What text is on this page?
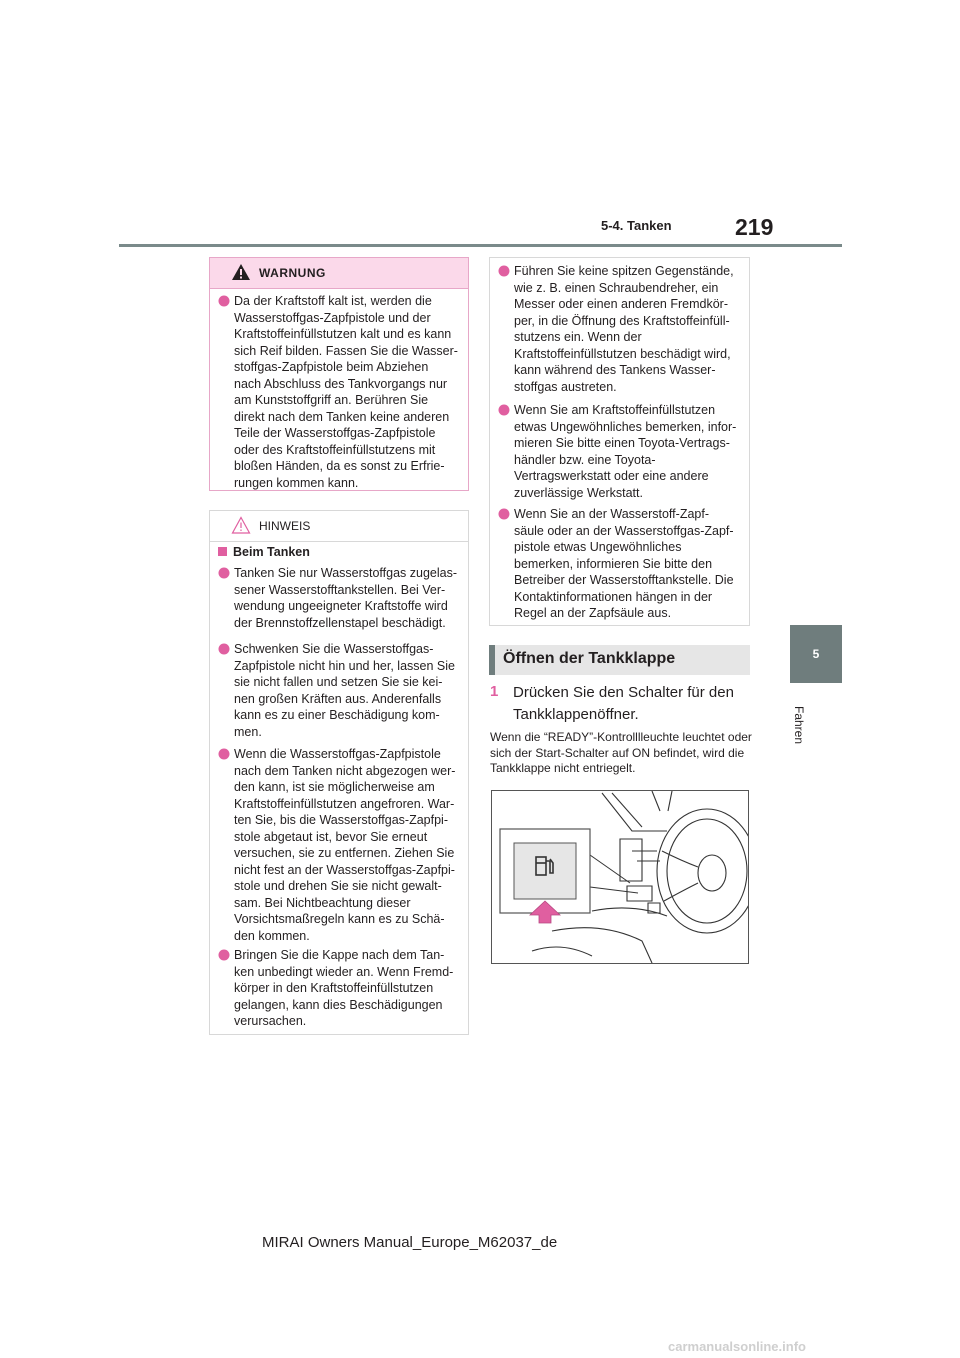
5-4. Tanken	219
5
Fahren
WARNUNG
Da der Kraftstoff kalt ist, werden die
Wasserstoffgas-Zapfpistole und der
Kraftstoffeinfüllstutzen kalt und es kann
sich Reif bilden. Fassen Sie die Wasser-
stoffgas-Zapfpistole beim Abziehen
nach Abschluss des Tankvorgangs nur
am Kunststoffgriff an. Berühren Sie
direkt nach dem Tanken keine anderen
Teile der Wasserstoffgas-Zapfpistole
oder des Kraftstoffeinfüllstutzens mit
bloßen Händen, da es sonst zu Erfrie-
rungen kommen kann.
HINWEIS
Beim Tanken
Tanken Sie nur Wasserstoffgas zugelas-
sener Wasserstofftankstellen. Bei Ver-
wendung ungeeigneter Kraftstoffe wird
der Brennstoffzellenstapel beschädigt.
Schwenken Sie die Wasserstoffgas-
Zapfpistole nicht hin und her, lassen Sie
sie nicht fallen und setzen Sie sie kei-
nen großen Kräften aus. Anderenfalls
kann es zu einer Beschädigung kom-
men.
Wenn die Wasserstoffgas-Zapfpistole
nach dem Tanken nicht abgezogen wer-
den kann, ist sie möglicherweise am
Kraftstoffeinfüllstutzen angefroren. War-
ten Sie, bis die Wasserstoffgas-Zapfpi-
stole abgetaut ist, bevor Sie erneut
versuchen, sie zu entfernen. Ziehen Sie
nicht fest an der Wasserstoffgas-Zapfpi-
stole und drehen Sie sie nicht gewalt-
sam. Bei Nichtbeachtung dieser
Vorsichtsmaßregeln kann es zu Schä-
den kommen.
Bringen Sie die Kappe nach dem Tan-
ken unbedingt wieder an. Wenn Fremd-
körper in den Kraftstoffeinfüllstutzen
gelangen, kann dies Beschädigungen
verursachen.
Führen Sie keine spitzen Gegenstände,
wie z. B. einen Schraubendreher, ein
Messer oder einen anderen Fremdkör-
per, in die Öffnung des Kraftstoffeinfüll-
stutzens ein. Wenn der
Kraftstoffeinfüllstutzen beschädigt wird,
kann während des Tankens Wasser-
stoffgas austreten.
Wenn Sie am Kraftstoffeinfüllstutzen
etwas Ungewöhnliches bemerken, infor-
mieren Sie bitte einen Toyota-Vertrags-
händler bzw. eine Toyota-
Vertragswerkstatt oder eine andere
zuverlässige Werkstatt.
Wenn Sie an der Wasserstoff-Zapf-
säule oder an der Wasserstoffgas-Zapf-
pistole etwas Ungewöhnliches
bemerken, informieren Sie bitte den
Betreiber der Wasserstofftankstelle. Die
Kontaktinformationen hängen in der
Regel an der Zapfsäule aus.
Öffnen der Tankklappe
1 Drücken Sie den Schalter für den
Tankklappenöffner.
Wenn die “READY”-Kontrolllleuchte leuchtet oder sich der Start-Schalter auf ON befindet, wird die Tankklappe nicht entriegelt.
MIRAI Owners Manual_Europe_M62037_de
carmanualsonline.info
